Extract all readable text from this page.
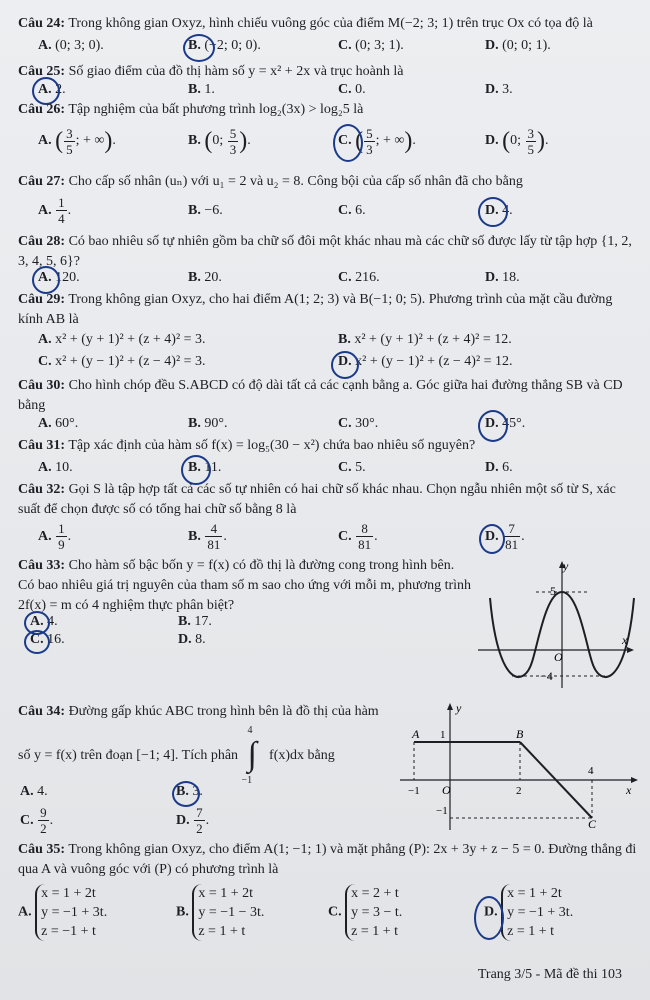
Câu 24: Trong không gian Oxyz, hình chiếu vuông góc của điểm M(−2; 3; 1) trên trục Ox có tọa độ là
A. (0; 3; 0).	B. (−2; 0; 0).	C. (0; 3; 1).	D. (0; 0; 1).
Câu 25: Số giao điểm của đồ thị hàm số y = x² + 2x và trục hoành là
A. 2.	B. 1.	C. 0.	D. 3.
Câu 26: Tập nghiệm của bất phương trình log₂(3x) > log₂5 là
A. ( $\frac{3}{5}$ ; + ∞).	B. (0; $\frac{5}{3}$ ).	C. ( $\frac{5}{3}$ ; + ∞).	D. (0; $\frac{3}{5}$ ).
Câu 27: Cho cấp số nhân (uₙ) với u₁ = 2 và u₂ = 8. Công bội của cấp số nhân đã cho bằng
A. $\frac{1}{4}$ .	B. −6.	C. 6.	D. 4.
Câu 28: Có bao nhiêu số tự nhiên gồm ba chữ số đôi một khác nhau mà các chữ số được lấy từ tập hợp {1, 2, 3, 4, 5, 6}?
A. 120.	B. 20.	C. 216.	D. 18.
Câu 29: Trong không gian Oxyz, cho hai điểm A(1; 2; 3) và B(−1; 0; 5). Phương trình của mặt cầu đường kính AB là
A. x² + (y + 1)² + (z + 4)² = 3.	B. x² + (y + 1)² + (z + 4)² = 12.
C. x² + (y − 1)² + (z − 4)² = 3.	D. x² + (y − 1)² + (z − 4)² = 12.
Câu 30: Cho hình chóp đều S.ABCD có độ dài tất cả các cạnh bằng a. Góc giữa hai đường thẳng SB và CD bằng
A. 60°.	B. 90°.	C. 30°.	D. 45°.
Câu 31: Tập xác định của hàm số f(x) = log₅(30 − x²) chứa bao nhiêu số nguyên?
A. 10.	B. 11.	C. 5.	D. 6.
Câu 32: Gọi S là tập hợp tất cả các số tự nhiên có hai chữ số khác nhau. Chọn ngẫu nhiên một số từ S, xác suất để chọn được số có tổng hai chữ số bằng 8 là
A. $\frac{1}{9}$ .	B. $\frac{4}{81}$ .	C. $\frac{8}{81}$ .	D. $\frac{7}{81}$ .
Câu 33: Cho hàm số bậc bốn y = f(x) có đồ thị là đường cong trong hình bên. Có bao nhiêu giá trị nguyên của tham số m sao cho ứng với mỗi m, phương trình 2f(x) = m có 4 nghiệm thực phân biệt?
A. 4.	B. 17.
C. 16.	D. 8.
y
x
5
O
−4
Câu 34: Đường gấp khúc ABC trong hình bên là đồ thị của hàm
số y = f(x) trên đoạn [−1; 4]. Tích phân
4
∫
−1
f(x)dx bằng
A. 4.	B. 3.
C. $\frac{9}{2}$ .	D. $\frac{7}{2}$ .
y
x
A	B
C
1
O	2
4
−1
−1
Câu 35: Trong không gian Oxyz, cho điểm A(1; −1; 1) và mặt phẳng (P): 2x + 3y + z − 5 = 0. Đường thẳng đi qua A và vuông góc với (P) có phương trình là
A.
x = 1 + 2t
y = −1 + 3t.
z = −1 + t
B.
x = 1 + 2t
y = −1 − 3t.
z = 1 + t
C.
x = 2 + t
y = 3 − t.
z = 1 + t
D.
x = 1 + 2t
y = −1 + 3t.
z = 1 + t
Trang 3/5 - Mã đề thi 103
